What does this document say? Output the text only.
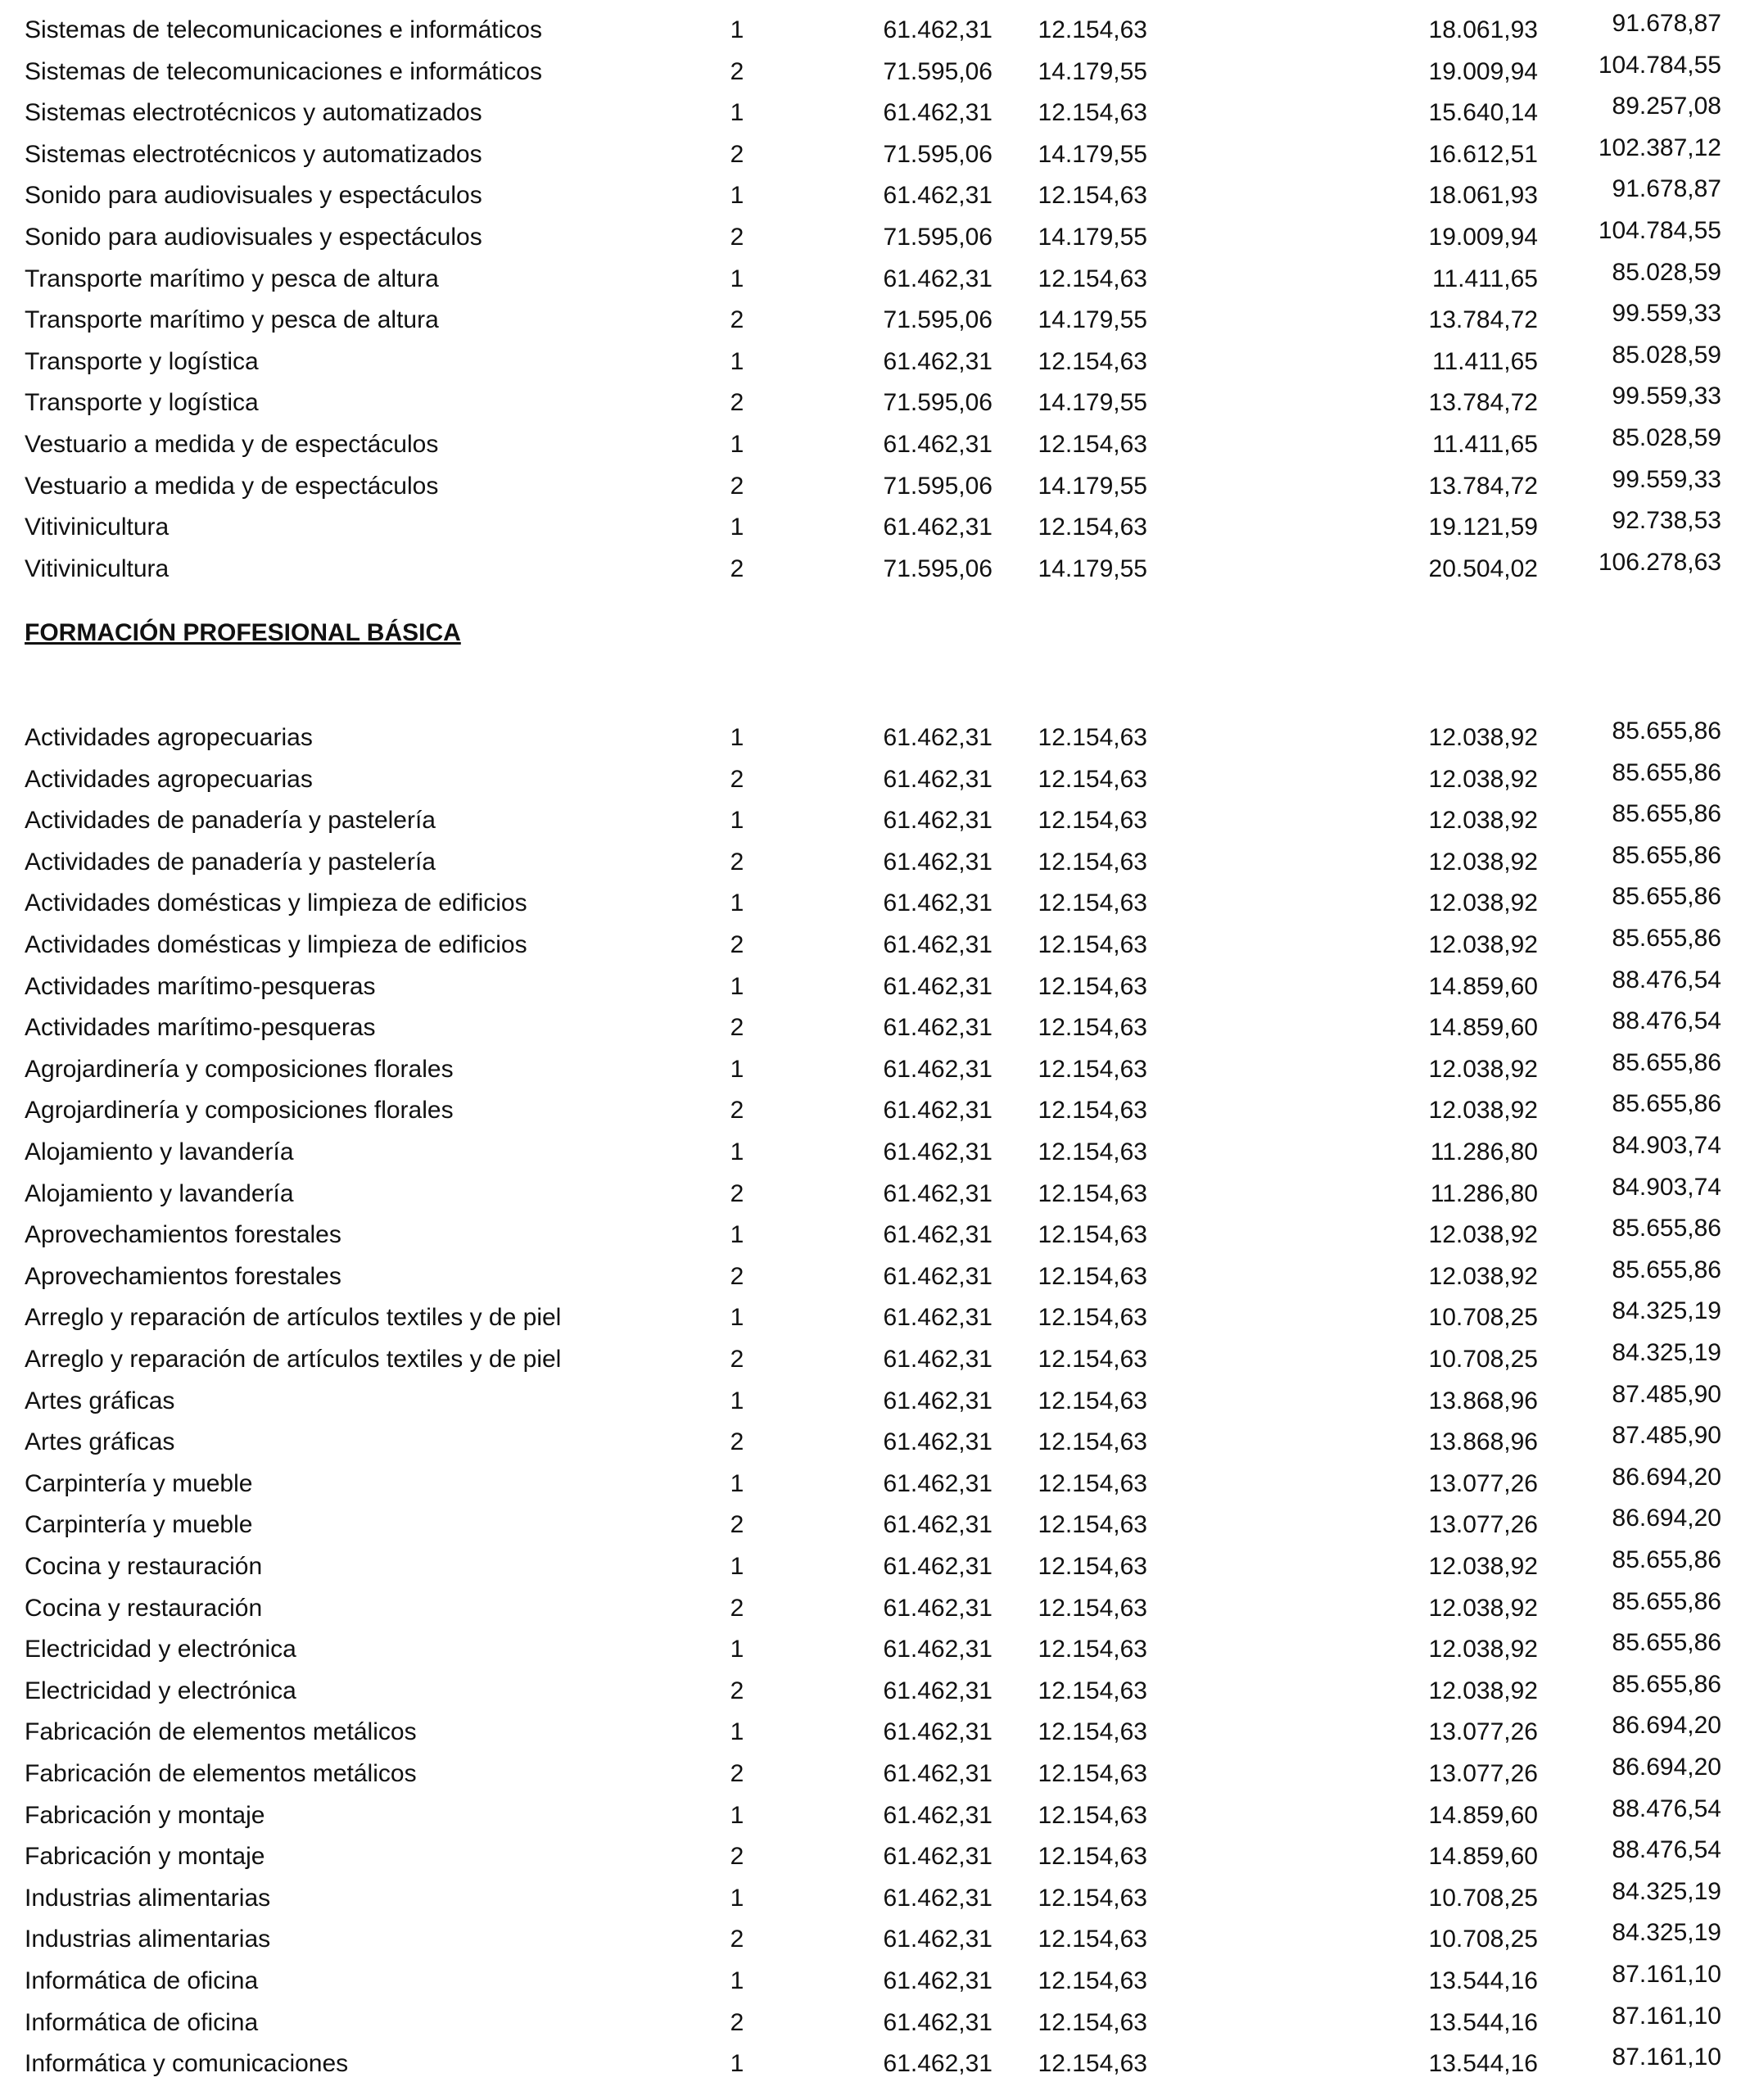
Sistemas de telecomunicaciones e informáticos	1	61.462,31	12.154,63	18.061,93	91.678,87
Sistemas de telecomunicaciones e informáticos	2	71.595,06	14.179,55	19.009,94	104.784,55
Sistemas electrotécnicos y automatizados	1	61.462,31	12.154,63	15.640,14	89.257,08
Sistemas electrotécnicos y automatizados	2	71.595,06	14.179,55	16.612,51	102.387,12
Sonido para audiovisuales y espectáculos	1	61.462,31	12.154,63	18.061,93	91.678,87
Sonido para audiovisuales y espectáculos	2	71.595,06	14.179,55	19.009,94	104.784,55
Transporte marítimo y pesca de altura	1	61.462,31	12.154,63	11.411,65	85.028,59
Transporte marítimo y pesca de altura	2	71.595,06	14.179,55	13.784,72	99.559,33
Transporte y logística	1	61.462,31	12.154,63	11.411,65	85.028,59
Transporte y logística	2	71.595,06	14.179,55	13.784,72	99.559,33
Vestuario a medida y de espectáculos	1	61.462,31	12.154,63	11.411,65	85.028,59
Vestuario a medida y de espectáculos	2	71.595,06	14.179,55	13.784,72	99.559,33
Vitivinicultura	1	61.462,31	12.154,63	19.121,59	92.738,53
Vitivinicultura	2	71.595,06	14.179,55	20.504,02	106.278,63
FORMACIÓN PROFESIONAL BÁSICA
Actividades agropecuarias	1	61.462,31	12.154,63	12.038,92	85.655,86
Actividades agropecuarias	2	61.462,31	12.154,63	12.038,92	85.655,86
Actividades de panadería y pastelería	1	61.462,31	12.154,63	12.038,92	85.655,86
Actividades de panadería y pastelería	2	61.462,31	12.154,63	12.038,92	85.655,86
Actividades domésticas y limpieza de edificios	1	61.462,31	12.154,63	12.038,92	85.655,86
Actividades domésticas y limpieza de edificios	2	61.462,31	12.154,63	12.038,92	85.655,86
Actividades marítimo-pesqueras	1	61.462,31	12.154,63	14.859,60	88.476,54
Actividades marítimo-pesqueras	2	61.462,31	12.154,63	14.859,60	88.476,54
Agrojardinería y composiciones florales	1	61.462,31	12.154,63	12.038,92	85.655,86
Agrojardinería y composiciones florales	2	61.462,31	12.154,63	12.038,92	85.655,86
Alojamiento y lavandería	1	61.462,31	12.154,63	11.286,80	84.903,74
Alojamiento y lavandería	2	61.462,31	12.154,63	11.286,80	84.903,74
Aprovechamientos forestales	1	61.462,31	12.154,63	12.038,92	85.655,86
Aprovechamientos forestales	2	61.462,31	12.154,63	12.038,92	85.655,86
Arreglo y reparación de artículos textiles y de piel	1	61.462,31	12.154,63	10.708,25	84.325,19
Arreglo y reparación de artículos textiles y de piel	2	61.462,31	12.154,63	10.708,25	84.325,19
Artes gráficas	1	61.462,31	12.154,63	13.868,96	87.485,90
Artes gráficas	2	61.462,31	12.154,63	13.868,96	87.485,90
Carpintería y mueble	1	61.462,31	12.154,63	13.077,26	86.694,20
Carpintería y mueble	2	61.462,31	12.154,63	13.077,26	86.694,20
Cocina y restauración	1	61.462,31	12.154,63	12.038,92	85.655,86
Cocina y restauración	2	61.462,31	12.154,63	12.038,92	85.655,86
Electricidad y electrónica	1	61.462,31	12.154,63	12.038,92	85.655,86
Electricidad y electrónica	2	61.462,31	12.154,63	12.038,92	85.655,86
Fabricación de elementos metálicos	1	61.462,31	12.154,63	13.077,26	86.694,20
Fabricación de elementos metálicos	2	61.462,31	12.154,63	13.077,26	86.694,20
Fabricación y montaje	1	61.462,31	12.154,63	14.859,60	88.476,54
Fabricación y montaje	2	61.462,31	12.154,63	14.859,60	88.476,54
Industrias alimentarias	1	61.462,31	12.154,63	10.708,25	84.325,19
Industrias alimentarias	2	61.462,31	12.154,63	10.708,25	84.325,19
Informática de oficina	1	61.462,31	12.154,63	13.544,16	87.161,10
Informática de oficina	2	61.462,31	12.154,63	13.544,16	87.161,10
Informática y comunicaciones	1	61.462,31	12.154,63	13.544,16	87.161,10
